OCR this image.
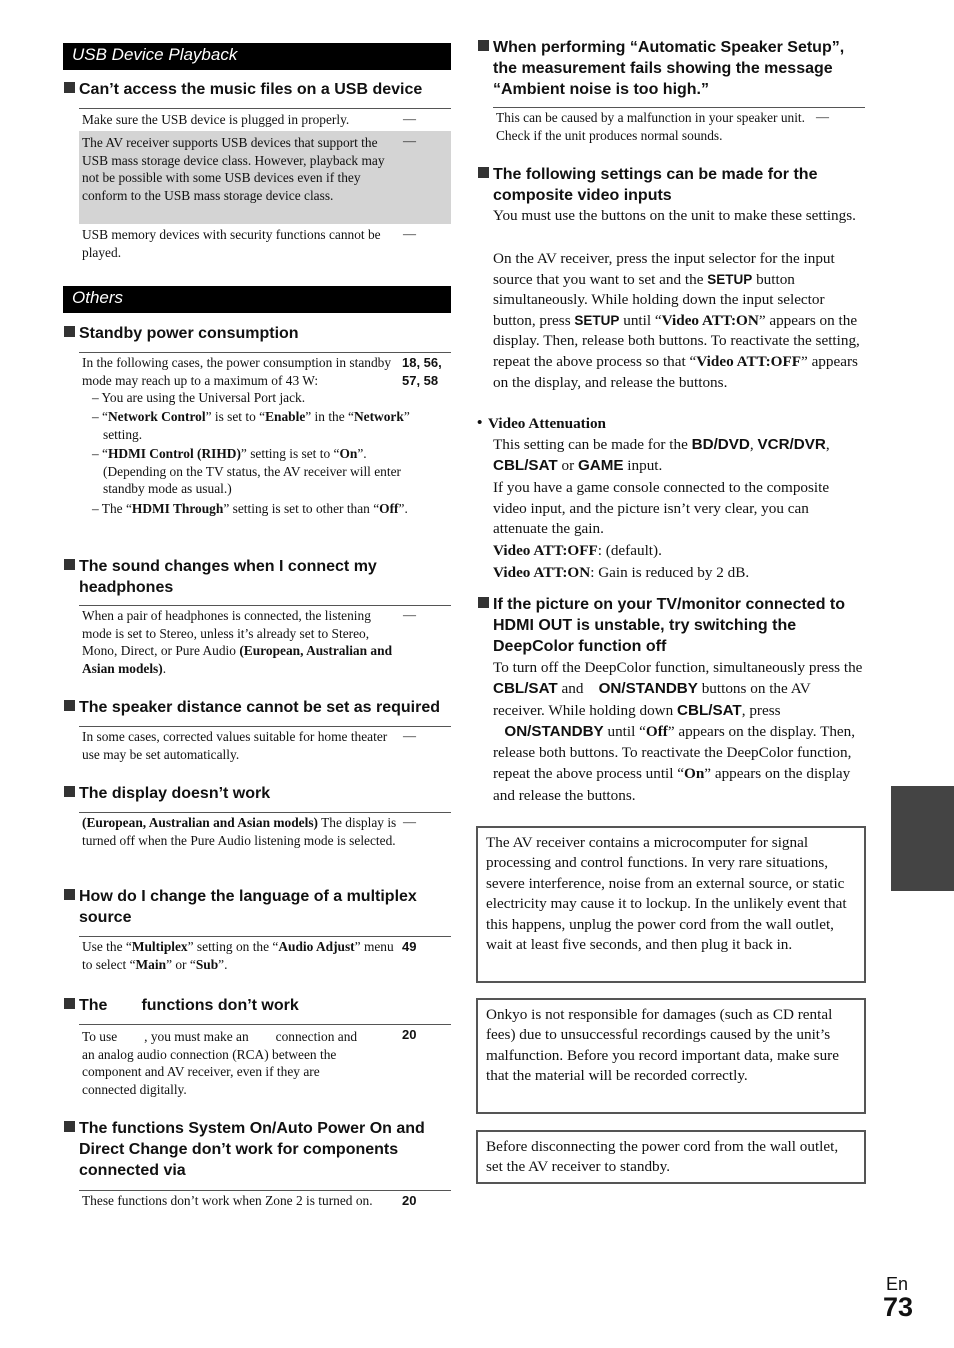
USB Device Playback
Can’t access the music files on a USB device
Make sure the USB device is plugged in properly.	—
The AV receiver supports USB devices that support the USB mass storage device class. However, playback may not be possible with some USB devices even if they conform to the USB mass storage device class.
—
USB memory devices with security functions cannot be played.
—
Others
Standby power consumption
In the following cases, the power consumption in standby mode may reach up to a maximum of 43 W:
18, 56,
57, 58
– You are using the Universal Port jack.
– “Network Control” is set to “Enable” in the “Network” setting.
– “HDMI Control (RIHD)” setting is set to “On”. (Depending on the TV status, the AV receiver will enter standby mode as usual.)
– The “HDMI Through” setting is set to other than “Off”.
The sound changes when I connect my
headphones
When a pair of headphones is connected, the listening mode is set to Stereo, unless it’s already set to Stereo, Mono, Direct, or Pure Audio (European, Australian and Asian models).
—
The speaker distance cannot be set as required
In some cases, corrected values suitable for home theater use may be set automatically.
—
The display doesn’t work
(European, Australian and Asian models) The display is turned off when the Pure Audio listening mode is selected.
—
How do I change the language of a multiplex
source
Use the “Multiplex” setting on the “Audio Adjust” menu to select “Main” or “Sub”.
49
The functions don’t work
To use , you must make an connection and
an analog audio connection (RCA) between the
component and AV receiver, even if they are
connected digitally.
20
The functions System On/Auto Power On and
Direct Change don’t work for components
connected via
These functions don’t work when Zone 2 is turned on.	20
When performing “Automatic Speaker Setup”,
the measurement fails showing the message
“Ambient noise is too high.”
This can be caused by a malfunction in your speaker unit. Check if the unit produces normal sounds.
—
The following settings can be made for the
composite video inputs
You must use the buttons on the unit to make these settings.
On the AV receiver, press the input selector for the input source that you want to set and the SETUP button simultaneously. While holding down the input selector button, press SETUP until “Video ATT:ON” appears on the display. Then, release both buttons. To reactivate the setting, repeat the above process so that “Video ATT:OFF” appears on the display, and release the buttons.
• Video Attenuation
This setting can be made for the BD/DVD, VCR/DVR, CBL/SAT or GAME input.
If you have a game console connected to the composite video input, and the picture isn’t very clear, you can attenuate the gain.
Video ATT:OFF: (default).
Video ATT:ON: Gain is reduced by 2 dB.
If the picture on your TV/monitor connected to
HDMI OUT is unstable, try switching the
DeepColor function off
To turn off the DeepColor function, simultaneously press the CBL/SAT and    ON/STANDBY buttons on the AV receiver. While holding down CBL/SAT, press    ON/STANDBY until “Off” appears on the display. Then, release both buttons. To reactivate the DeepColor function, repeat the above process until “On” appears on the display and release the buttons.
The AV receiver contains a microcomputer for signal processing and control functions. In very rare situations, severe interference, noise from an external source, or static electricity may cause it to lockup. In the unlikely event that this happens, unplug the power cord from the wall outlet, wait at least five seconds, and then plug it back in.
Onkyo is not responsible for damages (such as CD rental fees) due to unsuccessful recordings caused by the unit’s malfunction. Before you record important data, make sure that the material will be recorded correctly.
Before disconnecting the power cord from the wall outlet, set the AV receiver to standby.
En
73
